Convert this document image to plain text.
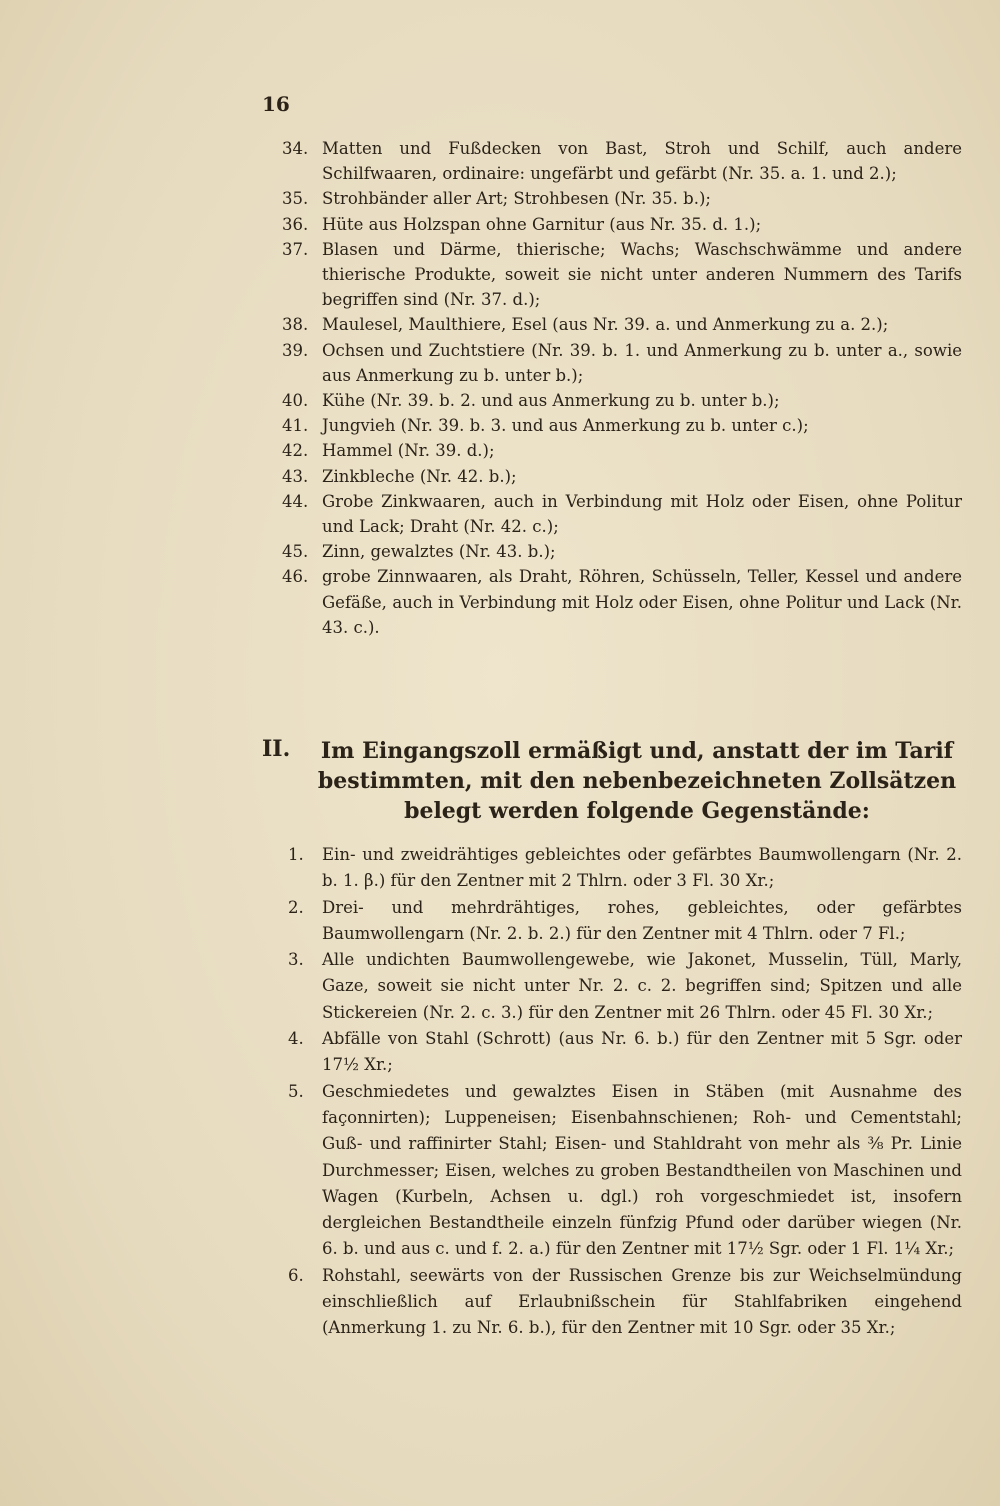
16
34. Matten und Fußdecken von Bast, Stroh und Schilf, auch andere Schilfwaaren, ordinaire: ungefärbt und gefärbt (Nr. 35. a. 1. und 2.);
35. Strohbänder aller Art; Strohbesen (Nr. 35. b.);
36. Hüte aus Holzspan ohne Garnitur (aus Nr. 35. d. 1.);
37. Blasen und Därme, thierische; Wachs; Waschschwämme und andere thierische Produkte, soweit sie nicht unter anderen Nummern des Tarifs begriffen sind (Nr. 37. d.);
38. Maulesel, Maulthiere, Esel (aus Nr. 39. a. und Anmerkung zu a. 2.);
39. Ochsen und Zuchtstiere (Nr. 39. b. 1. und Anmerkung zu b. unter a., sowie aus Anmerkung zu b. unter b.);
40. Kühe (Nr. 39. b. 2. und aus Anmerkung zu b. unter b.);
41. Jungvieh (Nr. 39. b. 3. und aus Anmerkung zu b. unter c.);
42. Hammel (Nr. 39. d.);
43. Zinkbleche (Nr. 42. b.);
44. Grobe Zinkwaaren, auch in Verbindung mit Holz oder Eisen, ohne Politur und Lack; Draht (Nr. 42. c.);
45. Zinn, gewalztes (Nr. 43. b.);
46. grobe Zinnwaaren, als Draht, Röhren, Schüsseln, Teller, Kessel und andere Gefäße, auch in Verbindung mit Holz oder Eisen, ohne Politur und Lack (Nr. 43. c.).
II.	Im Eingangszoll ermäßigt und, anstatt der im Tarif bestimmten, mit den nebenbezeichneten Zollsätzen belegt werden folgende Gegenstände:
1. Ein- und zweidrähtiges gebleichtes oder gefärbtes Baumwollengarn (Nr. 2. b. 1. β.) für den Zentner mit 2 Thlrn. oder 3 Fl. 30 Xr.;
2. Drei- und mehrdrähtiges, rohes, gebleichtes, oder gefärbtes Baumwollengarn (Nr. 2. b. 2.) für den Zentner mit 4 Thlrn. oder 7 Fl.;
3. Alle undichten Baumwollengewebe, wie Jakonet, Musselin, Tüll, Marly, Gaze, soweit sie nicht unter Nr. 2. c. 2. begriffen sind; Spitzen und alle Stickereien (Nr. 2. c. 3.) für den Zentner mit 26 Thlrn. oder 45 Fl. 30 Xr.;
4. Abfälle von Stahl (Schrott) (aus Nr. 6. b.) für den Zentner mit 5 Sgr. oder 17½ Xr.;
5. Geschmiedetes und gewalztes Eisen in Stäben (mit Ausnahme des façonnirten); Luppeneisen; Eisenbahnschienen; Roh- und Cementstahl; Guß- und raffinirter Stahl; Eisen- und Stahldraht von mehr als ⅜ Pr. Linie Durchmesser; Eisen, welches zu groben Bestandtheilen von Maschinen und Wagen (Kurbeln, Achsen u. dgl.) roh vorgeschmiedet ist, insofern dergleichen Bestandtheile einzeln fünfzig Pfund oder darüber wiegen (Nr. 6. b. und aus c. und f. 2. a.) für den Zentner mit 17½ Sgr. oder 1 Fl. 1¼ Xr.;
6. Rohstahl, seewärts von der Russischen Grenze bis zur Weichselmündung einschließlich auf Erlaubnißschein für Stahlfabriken eingehend (Anmerkung 1. zu Nr. 6. b.), für den Zentner mit 10 Sgr. oder 35 Xr.;
